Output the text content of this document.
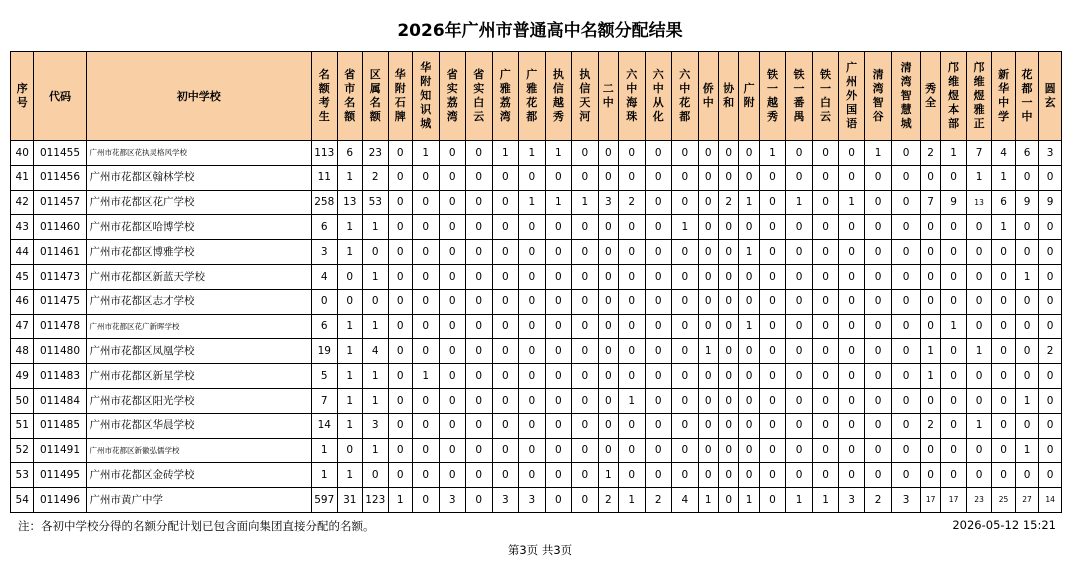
2026年广州市普通高中名额分配结果
序号	代码	初中学校	名额考生	省市名额	区属名额	华附石牌	华附知识城	省实荔湾	省实白云	广雅荔湾	广雅花都	执信越秀	执信天河	二中	六中海珠	六中从化	六中花都	侨中	协和	广附	铁一越秀	铁一番禺	铁一白云	广州外国语	清湾智谷	清湾智慧城	秀全	邝维煜本部	邝维煜雅正	新华中学	花都一中	圆玄
40	011455	广州市花都区花执灵格风学校	113	6	23	0	1	0	0	1	1	1	0	0	0	0	0	0	0	0	1	0	0	0	1	0	2	1	7	4	6	3
41	011456	广州市花都区翰林学校	11	1	2	0	0	0	0	0	0	0	0	0	0	0	0	0	0	0	0	0	0	0	0	0	0	0	1	1	0	0
42	011457	广州市花都区花广学校	258	13	53	0	0	0	0	0	1	1	1	3	2	0	0	0	2	1	0	1	0	1	0	0	7	9	13	6	9	9
43	011460	广州市花都区哈博学校	6	1	1	0	0	0	0	0	0	0	0	0	0	0	1	0	0	0	0	0	0	0	0	0	0	0	0	1	0	0
44	011461	广州市花都区博雅学校	3	1	0	0	0	0	0	0	0	0	0	0	0	0	0	0	0	1	0	0	0	0	0	0	0	0	0	0	0	0
45	011473	广州市花都区新蓝天学校	4	0	1	0	0	0	0	0	0	0	0	0	0	0	0	0	0	0	0	0	0	0	0	0	0	0	0	0	1	0
46	011475	广州市花都区志才学校	0	0	0	0	0	0	0	0	0	0	0	0	0	0	0	0	0	0	0	0	0	0	0	0	0	0	0	0	0	0
47	011478	广州市花都区花广新晖学校	6	1	1	0	0	0	0	0	0	0	0	0	0	0	0	0	0	1	0	0	0	0	0	0	0	1	0	0	0	0
48	011480	广州市花都区凤凰学校	19	1	4	0	0	0	0	0	0	0	0	0	0	0	0	1	0	0	0	0	0	0	0	0	1	0	1	0	0	2
49	011483	广州市花都区新星学校	5	1	1	0	1	0	0	0	0	0	0	0	0	0	0	0	0	0	0	0	0	0	0	0	1	0	0	0	0	0
50	011484	广州市花都区阳光学校	7	1	1	0	0	0	0	0	0	0	0	0	1	0	0	0	0	0	0	0	0	0	0	0	0	0	0	0	1	0
51	011485	广州市花都区华晨学校	14	1	3	0	0	0	0	0	0	0	0	0	0	0	0	0	0	0	0	0	0	0	0	0	2	0	1	0	0	0
52	011491	广州市花都区新徽弘儒学校	1	0	1	0	0	0	0	0	0	0	0	0	0	0	0	0	0	0	0	0	0	0	0	0	0	0	0	0	1	0
53	011495	广州市花都区金砖学校	1	1	0	0	0	0	0	0	0	0	0	1	0	0	0	0	0	0	0	0	0	0	0	0	0	0	0	0	0	0
54	011496	广州市黄广中学	597	31	123	1	0	3	0	3	3	0	0	2	1	2	4	1	0	1	0	1	1	3	2	3	17	17	23	25	27	14
注：各初中学校分得的名额分配计划已包含面向集团直接分配的名额。	2026-05-12 15:21
第3页 共3页
